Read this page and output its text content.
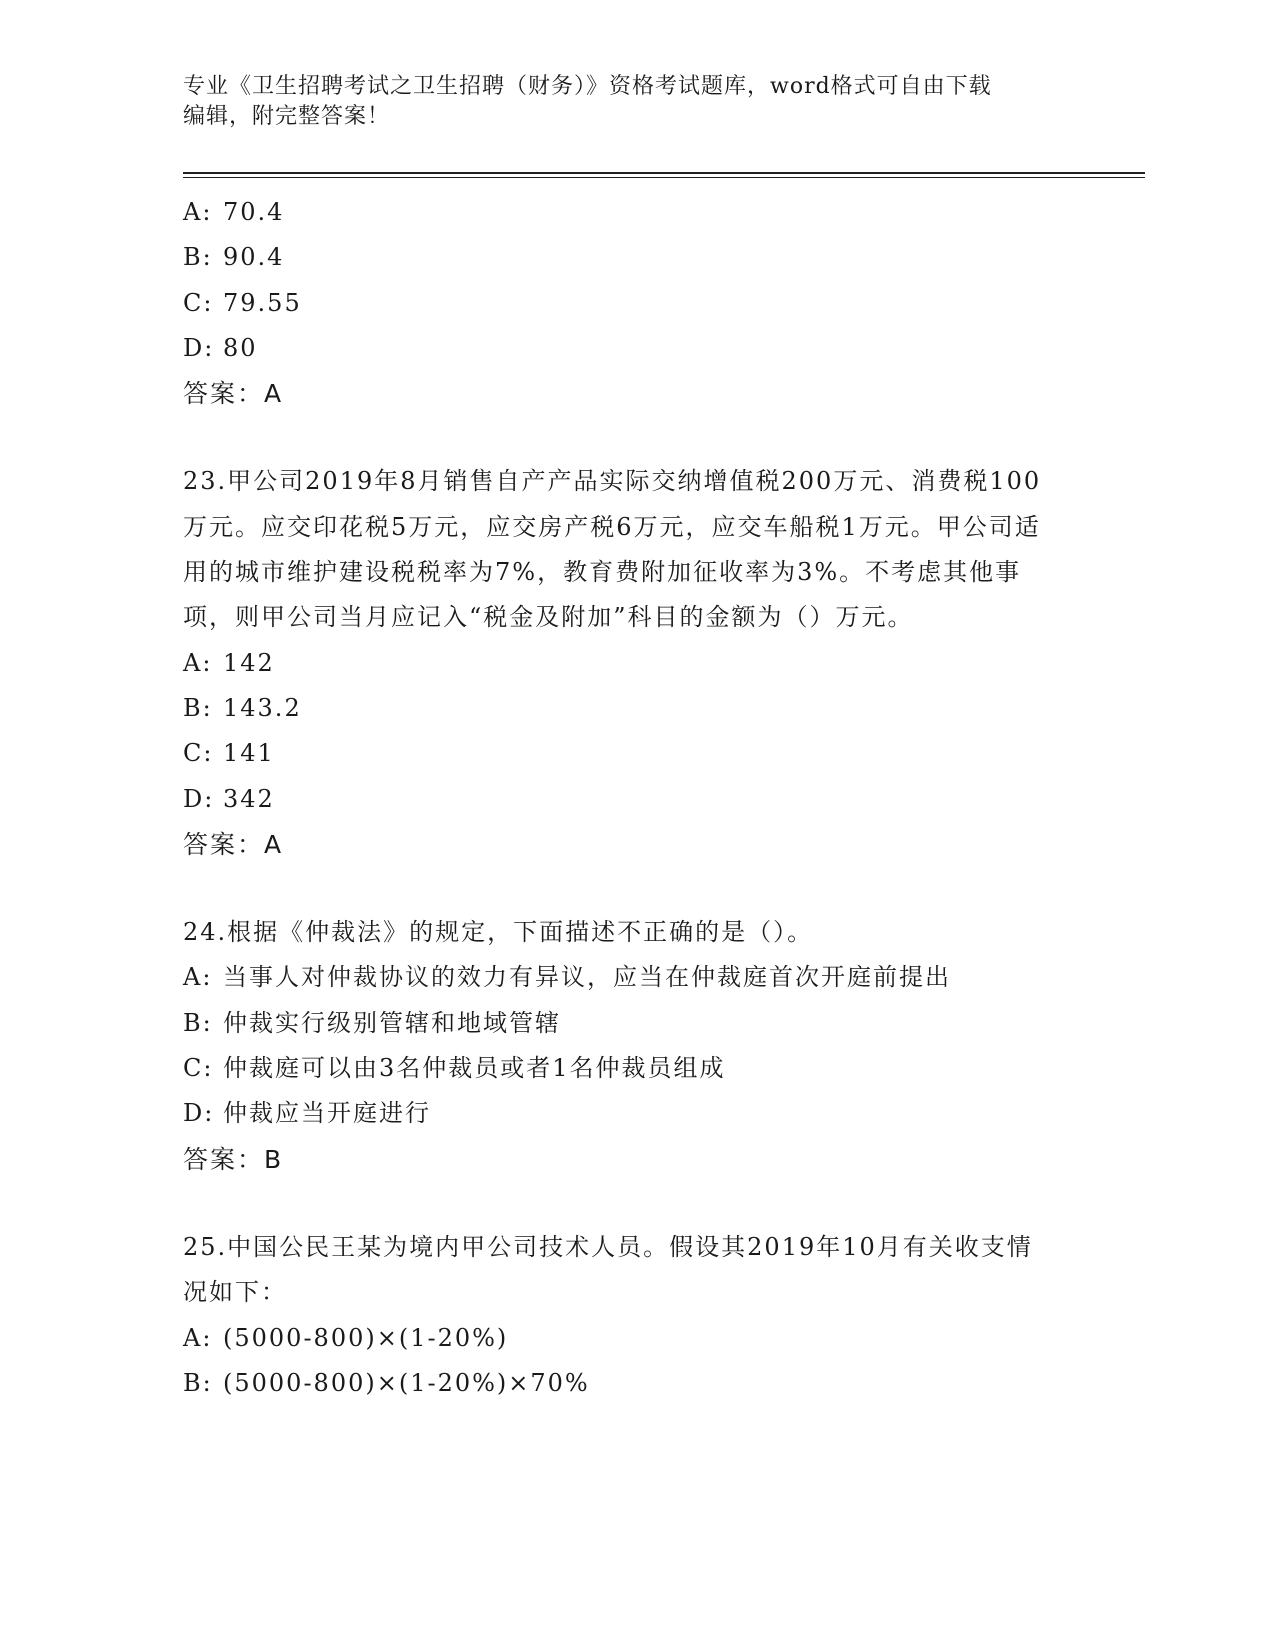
专业《卫生招聘考试之卫生招聘（财务）》资格考试题库，word格式可自由下载
编辑，附完整答案！
A: 70.4
B: 90.4
C: 79.55
D: 80
答案：A
23.甲公司2019年8月销售自产产品实际交纳增值税200万元、消费税100万元。应交印花税5万元，应交房产税6万元，应交车船税1万元。甲公司适用的城市维护建设税税率为7%，教育费附加征收率为3%。不考虑其他事项，则甲公司当月应记入“税金及附加”科目的金额为（）万元。
A: 142
B: 143.2
C: 141
D: 342
答案：A
24.根据《仲裁法》的规定，下面描述不正确的是（）。
A: 当事人对仲裁协议的效力有异议，应当在仲裁庭首次开庭前提出
B: 仲裁实行级别管辖和地域管辖
C: 仲裁庭可以由3名仲裁员或者1名仲裁员组成
D: 仲裁应当开庭进行
答案：B
25.中国公民王某为境内甲公司技术人员。假设其2019年10月有关收支情况如下：
A: (5000-800)×(1-20%)
B: (5000-800)×(1-20%)×70%
